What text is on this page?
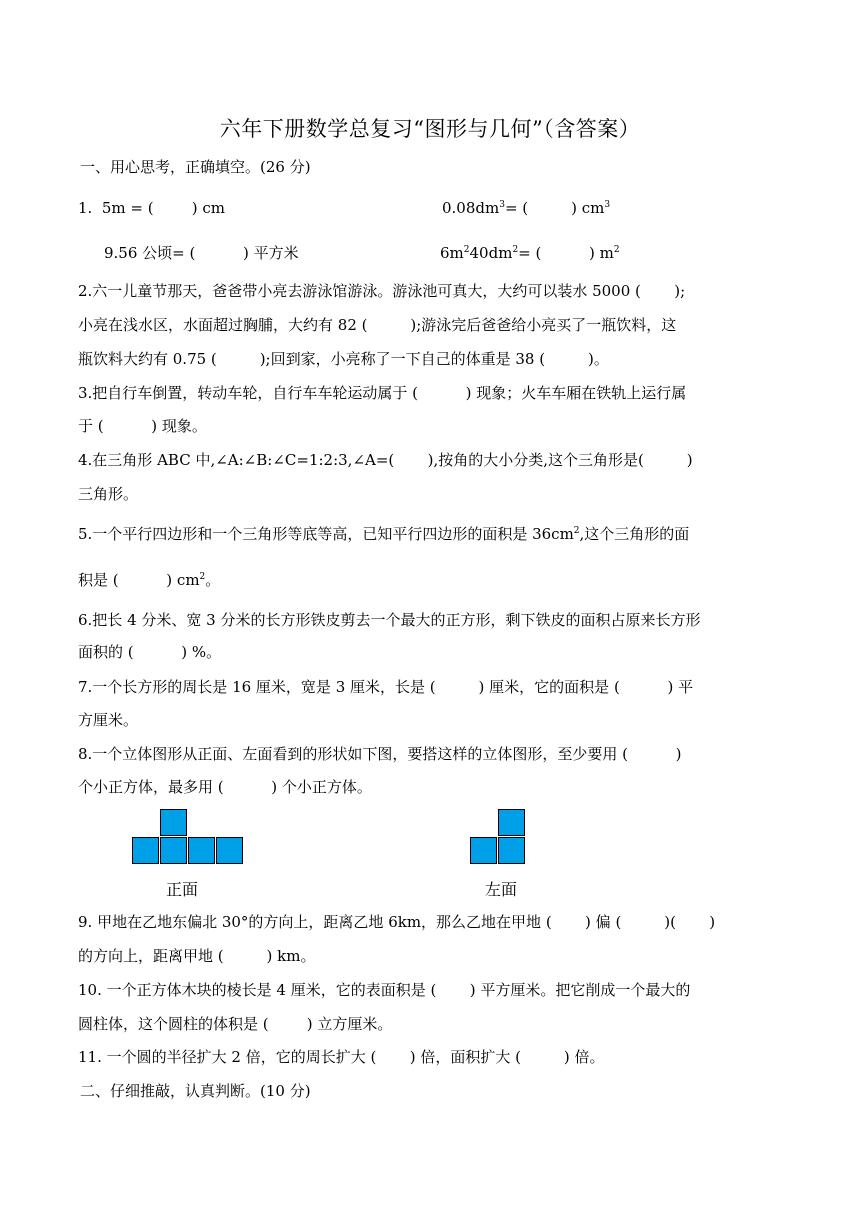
六年下册数学总复习“图形与几何”（含答案）
一、用心思考，正确填空。(26 分)
1.  5m = (        ) cm	$0.08dm^3=$ (         ) $cm^3$
9.56 公顷= (          ) 平方米	$6m^240dm^2=$ (          ) $m^2$
2.六一儿童节那天，爸爸带小亮去游泳馆游泳。游泳池可真大，大约可以装水 5000 (       );
小亮在浅水区，水面超过胸脯，大约有 82 (         );游泳完后爸爸给小亮买了一瓶饮料，这
瓶饮料大约有 0.75 (         );回到家，小亮称了一下自己的体重是 38 (         )。
3.把自行车倒置，转动车轮，自行车车轮运动属于 (          ) 现象；火车车厢在铁轨上运行属
于 (          ) 现象。
4.在三角形 ABC 中,∠A:∠B:∠C=1:2:3,∠A=(       ),按角的大小分类,这个三角形是(         )
三角形。
5.一个平行四边形和一个三角形等底等高，已知平行四边形的面积是 $36cm^2$,这个三角形的面
积是 (          ) $cm^2$。
6.把长 4 分米、宽 3 分米的长方形铁皮剪去一个最大的正方形，剩下铁皮的面积占原来长方形
面积的 (          ) %。
7.一个长方形的周长是 16 厘米，宽是 3 厘米，长是 (         ) 厘米，它的面积是 (          ) 平
方厘米。
8.一个立体图形从正面、左面看到的形状如下图，要搭这样的立体图形，至少要用 (          )
个小正方体，最多用 (          ) 个小正方体。
正面	左面
9. 甲地在乙地东偏北 30°的方向上，距离乙地 6km，那么乙地在甲地 (       ) 偏 (         )(       )
的方向上，距离甲地 (         ) km。
10. 一个正方体木块的棱长是 4 厘米，它的表面积是 (       ) 平方厘米。把它削成一个最大的
圆柱体，这个圆柱的体积是 (        ) 立方厘米。
11. 一个圆的半径扩大 2 倍，它的周长扩大 (       ) 倍，面积扩大 (         ) 倍。
二、仔细推敲，认真判断。(10 分)
